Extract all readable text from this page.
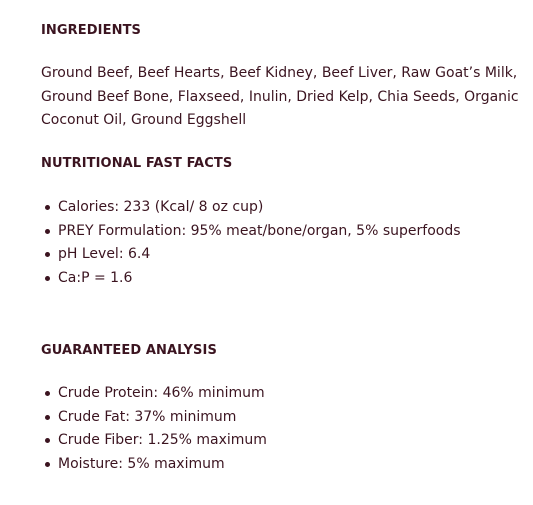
INGREDIENTS
Ground Beef, Beef Hearts, Beef Kidney, Beef Liver, Raw Goat’s Milk,
Ground Beef Bone, Flaxseed, Inulin, Dried Kelp, Chia Seeds, Organic
Coconut Oil, Ground Eggshell
NUTRITIONAL FAST FACTS
Calories: 233 (Kcal/ 8 oz cup)
PREY Formulation: 95% meat/bone/organ, 5% superfoods
pH Level: 6.4
Ca:P = 1.6
GUARANTEED ANALYSIS
Crude Protein: 46% minimum
Crude Fat: 37% minimum
Crude Fiber: 1.25% maximum
Moisture: 5% maximum
